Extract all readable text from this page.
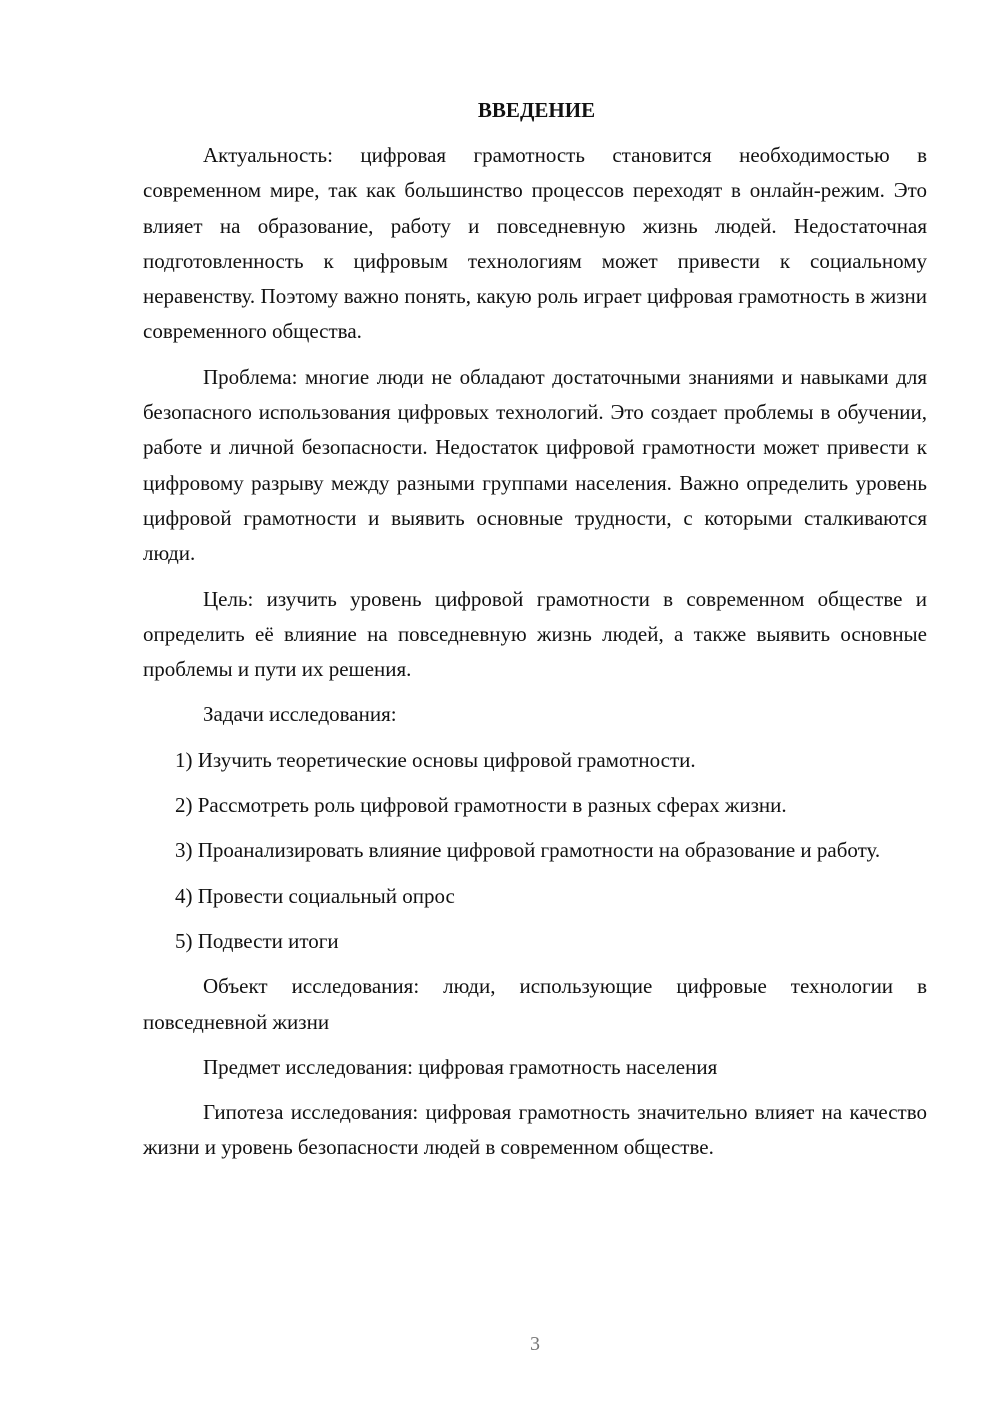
ВВЕДЕНИЕ
Актуальность: цифровая грамотность становится необходимостью в современном мире, так как большинство процессов переходят в онлайн-режим. Это влияет на образование, работу и повседневную жизнь людей. Недостаточная подготовленность к цифровым технологиям может привести к социальному неравенству. Поэтому важно понять, какую роль играет цифровая грамотность в жизни современного общества.
Проблема: многие люди не обладают достаточными знаниями и навыками для безопасного использования цифровых технологий. Это создает проблемы в обучении, работе и личной безопасности. Недостаток цифровой грамотности может привести к цифровому разрыву между разными группами населения. Важно определить уровень цифровой грамотности и выявить основные трудности, с которыми сталкиваются люди.
Цель: изучить уровень цифровой грамотности в современном обществе и определить её влияние на повседневную жизнь людей, а также выявить основные проблемы и пути их решения.
Задачи исследования:
1) Изучить теоретические основы цифровой грамотности.
2) Рассмотреть роль цифровой грамотности в разных сферах жизни.
3) Проанализировать влияние цифровой грамотности на образование и работу.
4) Провести социальный опрос
5) Подвести итоги
Объект исследования: люди, использующие цифровые технологии в повседневной жизни
Предмет исследования: цифровая грамотность населения
Гипотеза исследования: цифровая грамотность значительно влияет на качество жизни и уровень безопасности людей в современном обществе.
3
